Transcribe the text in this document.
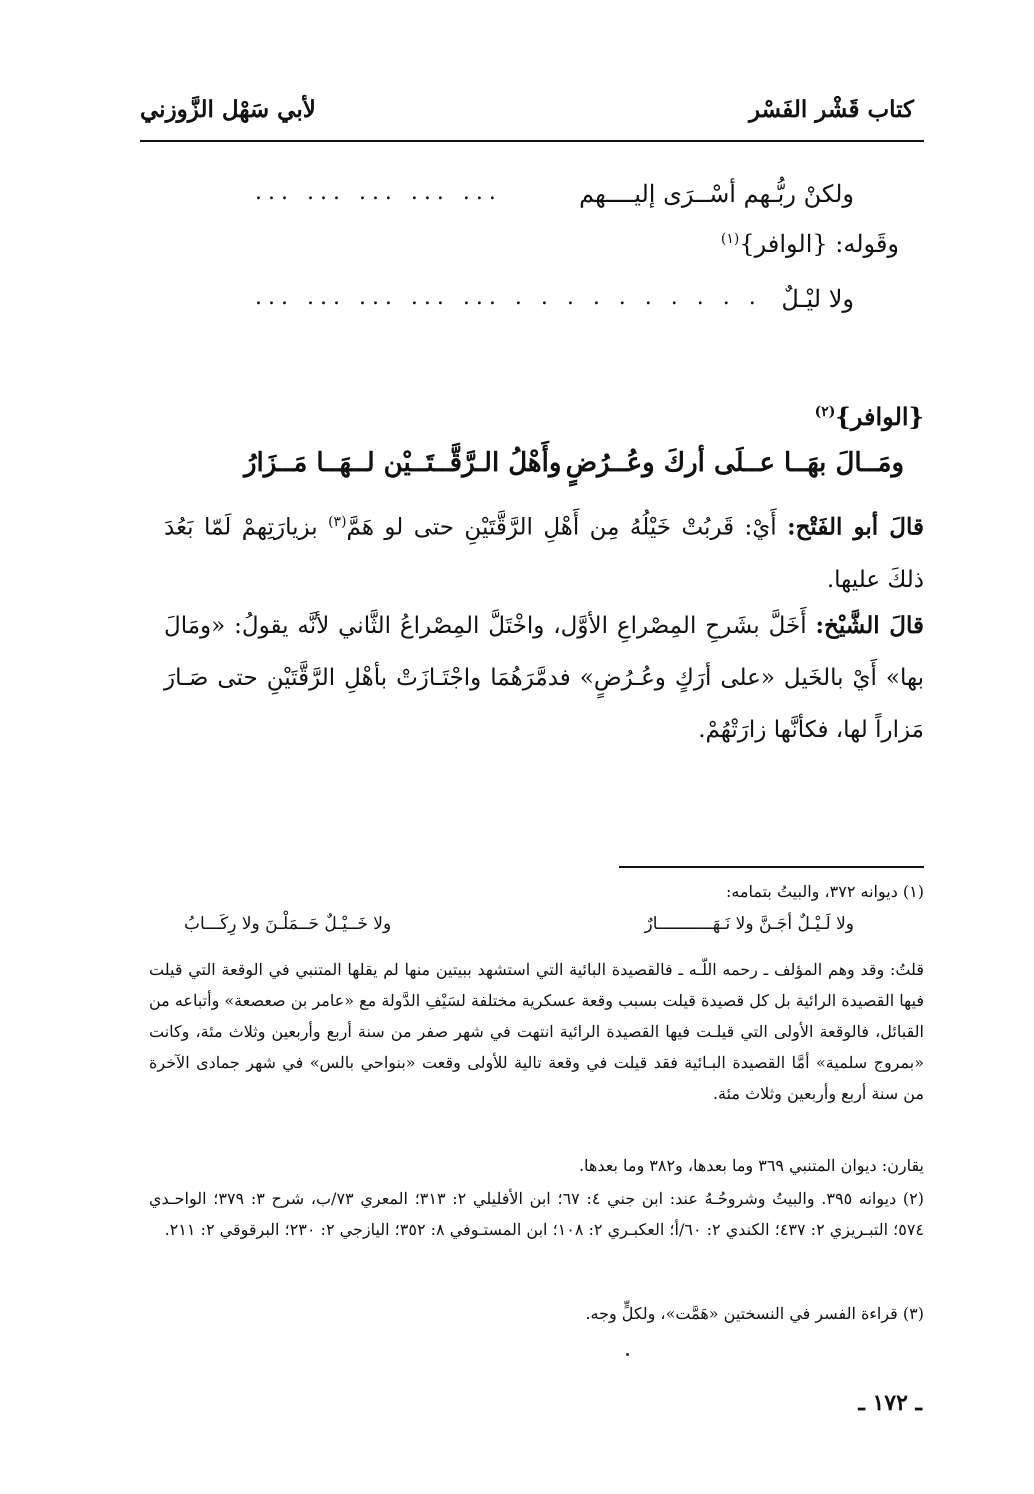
كتاب قَشْر الفَسْر
لأبي سَهْل الزَّوزني
ولكنْ ربُّـهم أسْــرَى إليــــهم
... ... ... ... ...
وقَوله: {الوافر}$^{(١)}$
ولا ليْـلٌ
... ... ... ... ... . . . . . . . . . .
{الوافر}$^{(٢)}$
ومَــالَ بهَــا عــلَى أركَ وعُــرُضٍ
وأَهْلُ الـرَّقَّــتَــيْن لــهَــا مَــزَارُ
قالَ أبو الفَتْح: أَيْ: قَربُتْ خَيْلُهُ مِن أَهْلِ الرَّقَّتَيْنِ حتى لو هَمَّ$^{(٣)}$ بزيارَتِهمْ لَمّا بَعُدَ ذلكَ عليها.
قالَ الشَّيْخ: أَخَلَّ بشَرحِ المِصْراعِ الأوَّل، واخْتَلَّ المِصْراعُ الثَّاني لأنَّه يقولُ: «ومَالَ بها» أَيْ بالخَيل «على أرَكٍ وعُـرُضٍ» فدمَّرَهُمَا واجْتَـازَتْ بأهْلِ الرَّقَّتَيْنِ حتى صَـارَ مَزاراً لها، فكأنَّها زارَتْهُمْ.
(١) ديوانه ٣٧٢، والبيتُ بتمامه:
ولا لَـيْـلٌ أجَـنَّ ولا نَـهَـــــــــــارٌ
ولا خَــيْـلٌ حَــمَلْـنَ ولا رِكَـــابُ
قلتُ: وقد وهم المؤلف ـ رحمه اللّـه ـ فالقصيدة البائية التي استشهد ببيتين منها لم يقلها المتنبي في الوقعة التي قيلت فيها القصيدة الرائية بل كل قصيدة قيلت بسبب وقعة عسكرية مختلفة لسَيْفِ الدَّولة مع «عامر بن صعصعة» وأتباعه من القبائل، فالوقعة الأولى التي قيلـت فيها القصيدة الرائية انتهت في شهر صفر من سنة أربع وأربعين وثلاث مئة، وكانت «بمروج سلمية» أمَّا القصيدة البـائية فقد قيلت في وقعة تالية للأولى وقعت «بنواحي بالس» في شهر جمادى الآخرة من سنة أربع وأربعين وثلاث مئة.
يقارن: ديوان المتنبي ٣٦٩ وما بعدها، و٣٨٢ وما بعدها.
(٢) ديوانه ٣٩٥. والبيتُ وشروحُـهُ عند: ابن جني ٤: ٦٧؛ ابن الأفليلي ٢: ٣١٣؛ المعري ٧٣/ب، شرح ٣: ٣٧٩؛ الواحـدي ٥٧٤؛ التبـريزي ٢: ٤٣٧؛ الكندي ٢: ٦٠/أ؛ العكبـري ٢: ١٠٨؛ ابن المستـوفي ٨: ٣٥٢؛ اليازجي ٢: ٢٣٠؛ البرقوقي ٢: ٢١١.
(٣) قراءة الفسر في النسختين «هَمَّت»، ولكلٍّ وجه.
ـ ١٧٢ ـ
